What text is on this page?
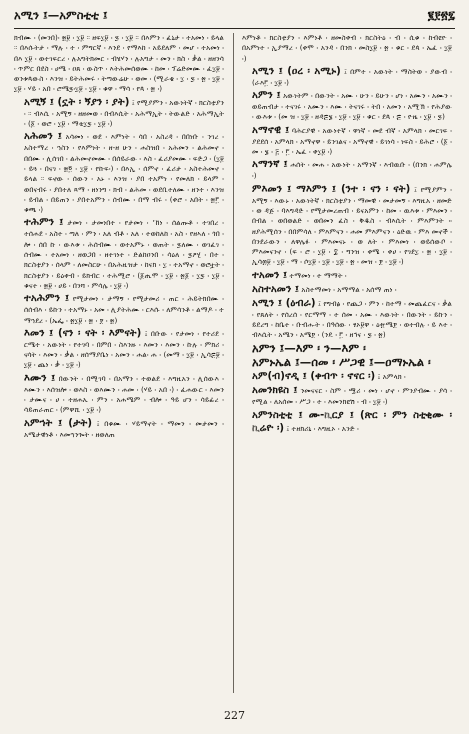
አሚን ፤—አምስቲቲ ፤	፪፻፳፯
ክብሙ ፡ (መንበ)፡ ፳፱ ፡ ፲፱ ። ዘፍ፲፱ ፡ ፯ ፡ ፲፱ ። በእምን ፡ ፈኒታ ፡ ተአመነ ፡ ይላል ። በእሱትታ ፡ ማሉ ፡ ተ ፡ ምግርኛ ፡ እንደ ፡ የማእከ ፡ አይደለም ፡ መሆ ፡ ተአመነ ፡ በእ ፲፱ ፡ ወተገፍርረ ፡ ሉአግትክመር ፡ ብሄሃን ፡ ሉአግታ ፡ መን ፡ ክስ ፡ ቃል ፡ ዘዘንሳ ፡ ጥምር በደስ ፡ ሀሜ ፡ ዐጸ ፡ ውስጥ ፡ እትሕመሰወሙ ፡ ከመ ፡ ፕሬድመሙ ፡ ፈ፲፱ ፡ ወንቱጳውስ ፡ እንዝ ፡ ይትሕመሩ ፡ ትጣውሬሁ ፡ ወመ ፡ (ሚራቄ ፡ ፲ ፡ ፯ ፡ ፳ ፡ ፲፱ ፡ ፲፱ ፡ ሃይ ፡ አበ ፡ ሮሜ፯፡፲፱ ፡ ፲፱ ፡ ቁዋ ፡ ማሳ ፡ የጳ ፡ ፳ ፡)
አሚኝ ፤ (ኗት ፡ ኝያን ፡ ያት) ፤ የሚያምን ፡ አውነትኛ ፡ ክርስቲያን ፡ ። ብእሲ ፡ አሚኝ ፡ ዘዘመወ ፡ በብእሲት ፡ አሕማኢት ፡ ትውልድ ፡ አሕማኢት ፡ (፩ ፡ ወሮ ፡ ፲፱ ፡ ማቴ፲፯ ፡ ፲፱ ፡)
አሕመን ፤ አሳመነ ፡ ወደ ፡ እምነት ፡ ሳበ ፡ አስረዳ ፡ በበነቡ ፡ ንገረ ፡ አስተማረ ፡ ኀስን ፡ የእምነት ፡ ዘ-ዘ ሁን ፡ ሐስዝበ ፡ አሕመን ፡ ልሕመኖ ፡ በበሙ ፡ ሊሰገበ ፡ ልሕመኖመሙ ፡ በሰይራው ፡ እስ ፡ ፈሪያመሙ ፡ ፍድጋ ፡ (፲፱ ፡ ይጓ ፡ በናገ ፡ ፳፬ ፡ ፲፱ ፡ የኩፍ፡) ፡ በእኢ ፡ ሰምኖ ፡ ፈሪታ ፡ አስተሕመኖ ፡ ይላል ። ፍኖው ፡ ሰውን ፡ አኑ ፡ እንዝ ፡ ያበ ተአምነ ፡ የመለክ ፡ ይላም ፡ ወበናብሩ ፡ ያበተለ ጻማ ፡ ዘነንግ ፡ ክብ ፡ ልሕመ ፡ ወደቢተለሙ ፡ ዘንተ ፡ እንዝ ፡ ይብል ፡ በይጠን ፡ ያበተአምን ፡ ሰብሙ ፡ በማ ብሩ ፡ (ቀሮ ፡ አበት ፡ ፳፫ ፡ ቁጫ ፡)
ተሕምን ፤ ታመነ ፡ ታመነበተ ፡ የታመነ ፡ 'ኸነ ፡ ሰልጡቶ ፡ ተገበረ ፡ ተሰሐደ ፡ አስተ ፡ ጣለ ፡ ምን ፡ አለ ብቶ ፡ አለ ፡ ተወከለከ ፡ አስ ፡ የዘኣለ ፡ ጎበ ፡ ሎ ፡ ሰበ ኩ ፡ ውእቱ ፡ ሕሰብሙ ፡ ወተአምኑ ፡ ወጠት ፡ ፯ለሙ ፡ ወገፈገ ፡ ሰብሙ ፡ ተአመነ ፡ ዘወጋበ ፡ ዘተገነተ ፡ ድልከዐንበ ፡ ሳዕለ ፡ ፯ዖሂ ፡ በተ ፡ ክርስቲያን ፡ ሰላም ፡ ለመስርሁ ፡ በአሕዚዝታ ፡ ከናክ ፡ ፲ ፡ ተአማኖ ፡ ወሮቷት ፡ ክርስቲያን ፡ ይዕቀብ ፡ ይክብር ፡ ተሕሚሮ ፡ (፩ጢሞ ፡ ፲፱ ፡ ፳፩ ፡ ፲፯ ፡ ፲፱ ፡ ቁናተ ፡ ፳፱ ፡ ሀይ ፡ በንሻ ፡ ምሳሌ ፡ ፲፱ ፡)
ተአሕምን ፤ የሚታመነ ፡ ታማኝ ፡ የሚታመሪ ፡ ጠር ፡ ሕይትክበሙ ፡ ሰሰብእ ፡ ይኩን ፡ ተአማኑ ፡ አመ ፡ ሊያትሕሙ ፡ ርእሱ ፡ ለምሳንቶ ፡ ልማዶ ፡ ተ ማኀደረ ፡ (ኤፌ ፡ ፳፲፱ ፡ ፳ ፡ ፻ ፡ ፳)
እመን ፤ (ናን ፡ ናት ፡ እምናት) ፤ በቡው ፡ የታመነ ፡ የተሪደ ፡ ርሜተ ፡ አውነት ፡ የተገባ ፡ በምበ ፡ ስእንዙ ፡ እመን ፡ እመን ፡ ኩሉ ፡ ምክሪ ፡ ናሳት ፡ እመን ፡ ቃል ፡ ዘሰማያቤነ ፡ አመን ፡ ሐል፡ ሐ ፡ (መማ ፡ ፲፱ ፡ ኢሳ፷፱ ፡ ፲፱ ፡ ጨነ ፡ ቃ ፡ ፲፱ ፡)
እሙን ፤ በውንት ፡ በሚገባ ፡ በአማን ፡ ተወልደ ፡ እግዚአን ፡ ሊሰውእ ፡ እሙን ፡ እሰዝሎ ፡ ወእስ ፡ ወእሙን ፡ ሐመ ፡ (ሃይ ፡ አበ ፡) ፡ ፈሐውር ፡ እመን ፡ ታሙና ፡ ሀ ፡ ተዘሐኡ ፡ ምን ፡ አሐሜም ፡ ብሎ ፡ ዓይ ሆን ፡ ሳይፊረ ፡ ሳይጠራጠር ፡ (ምዋሺ ፡ ፲፱ ፡)
አምኀት ፤ (ታት) ፤ በቁሙ ፡ ሃይማኖት ፡ ማመን ፡ መታመን ፡ አሜታዊነቶ ፡ እመኀንጐት ፡ ዘወለጠ
እምነቶ ፡ ክርስቲያን ፡ እምነቶ ፡ ዘመስቀብ ፡ ክርስትዕ ፡ ብ ፡ ሲቁ ፡ ከብዩዮ ፡ በአምነተ ፡ ኢያማረ ፡ (ቀሞ ፡ አንዳ ፡ በንክ ፡ መስ፲፱ ፡ ፳ ፡ ቁር ፡ ደጳ ፡ ኤፈ ፡ ፲፱ ፡)
አሚን ፤ (ዐረ ፡ አሚኑ) ፤ በምተ ፡ አውነት ፡ ማስትወ ፡ ያውብ ፡ (ራእ፫ ፡ ፲፱ ፡)
አምን ፤ አውነትም ፡ በውንት ፡ አሙ ፡ ሁን ፡ ይሁን ፡ ሆነ ፡ አሙን ፡ አሙን ፡ ወይጠብታ ፡ ተናገሩ ፡ አሙን ፡ እሙ ፡ ትናገሩ ፡ ትበ ፡ አመን ፡ አሚኽ ፡ የሕያው ፡ ውእቱ ፡ (መ ዝ ፡ ፲፱ ፡ ዘዳ፷፮ ፡ ፲፱ ፡ ፲፱ ፡ ቁር ፡ ደጳ ፡ ፷ ፡ ዮዜ ፡ ፲፱ ፡ ፯)
አማኖዊ ፤ ባሕርያዊ ፡ አውነተኛ ፡ ዋነኛ ፡ መደ ብኛ ፡ አምላክ ፡ መርገፍ ፡ ያደደሰ ፡ አምላክ ፡ አማኖዋ ፡ ይንገልና ፡ አማኖዊ ፡ ይገነሳ ፡ ነፍስ ፡ ይሕሮ ፡ (፩ ፡ መ ፡ ፮ ፡ ፭ ፡ ፫ ፡ ኤፈ ፡ ቀ፲፱ ፡)
አማንኛ ፤ ሐሰት ፡ መሐ ፡ አውነት ፡ አማንኛ ፡ እብዉቡ ፡ (በንክ ፡ ሐምሌ ፡)
ምእመን ፤ ማእምን ፤ (ንተ ፡ ናን ፡ ናት) ፤ የሚያምን ፡ አሚኝ ፡ እውኑ ፡ አውነትኛ ፡ ክርስቲያን ፡ ማመዊ ፡ መታመኝ ፡ እግዚአ ፡ ዘመድ ፡ ወ ዳጅ ፡ ባእግዳድ ፡ የሚታመረጠብ ፡ ይናአምን ፡ ከመ ፡ ዉእቱ ፡ ምእመን ፡ በብል ፡ ወበወልድ ፡ ወበመን ፈስ ፡ ቅዱስ ፡ ብእሲት ፡ ምእምንት ፡፡ ዘያሕሚሰን ፡ በበምሳለ ፡ ምእምናን ፡ ሐመ ምእምናን ፡ ዕድዉ ፡ ምእ መኖች ፡ በንደራውን ፡ ለዋሌፉ ፡ ምእመናኑ ፡ ወ ለት ፡ ምእመነ ፡ ወይሰውቦ ፡ ምእመናንኖ ፡ (ፍ ፡ ሮ ፡ ፲፱ ፡ ፰ ፡ ግንዝ ፡ ቀሜ ፡ ቀሀ ፡ የገደ፲ ፡ ፳ ፡ ፲፱ ፡ ኢሳ፴፱ ፡ ፲፱ ፡ ማ ፡ ሶ፲፱ ፡ ፲፱ ፡ ፲፱ ፡ ፳ ፡ መዝ ፡ ፻ ፡ ፲፱ ፡)
ተአመን ፤ ተማመነ ፡ ተ ማማት ፡
አስተአመን ፤ አስተማመነ ፡ አማማል ፡ አሰማ ጠነ ፡
አሚን ፤ (ዕብራ) ፤ የግብፅ ፡ የጨጋ ፡ ምን ፡ ከተማ ፡ መጨፈርና ፡ ቃል ፡ የጸለት ፡ የሰረሰ ፡ የርማማ ፡ ተ ሰመ ፡ አሙ ፡ እውነት ፡ በውንት ፡ ይኩን ፡ ይደረግ ፡ ከቤተ ፡ ቡብሑት ፡ በዓሰው ፡ ፃኦ፱ዋ ፡ ዕ፹ሜ፻ ፡ ወተብሉ ፡ ይ እተ ፡ ብእሲት ፡ አሜን ፡ አሜ፻ ፡ (ንዴ ፡ ፫ ፡ ዘኅና ፡ ፯ ፡ ፳)
አምን ፤—እም ፡ ን—እም ፡
አምኑኤል ፤—ሰመ ፡ ሥጋዊ ፤—ዐማኑኤል ፡
አም(ብ)ኖዲ ፤ (ቀብጥ ፡ ኖናር ፡) ፤ አምላክ ፡
አመንክዩስ ፤ ንመናናር ፡ ስም ፡ ሟሪ ፡ መነ ፡ ሆኖ ፡ ምንያብሙ ፡ ያሳ ፡ የሚል ፡ ለአሰመ ፡ ሥጋ ፡ ተ ፡ እመንክዩሽ ፡ ብ ፡ ፲፱ ፡)
አምንስቲቲ ፤ ሙ-ኪርያ ፤ (ጽር ፡ ምን ስቲቂሙ ፡ ኪሬዮ ፡) ፤ ተዘክሪኒ ፡ እግዚኦ ፡ አንድ ፡
227
